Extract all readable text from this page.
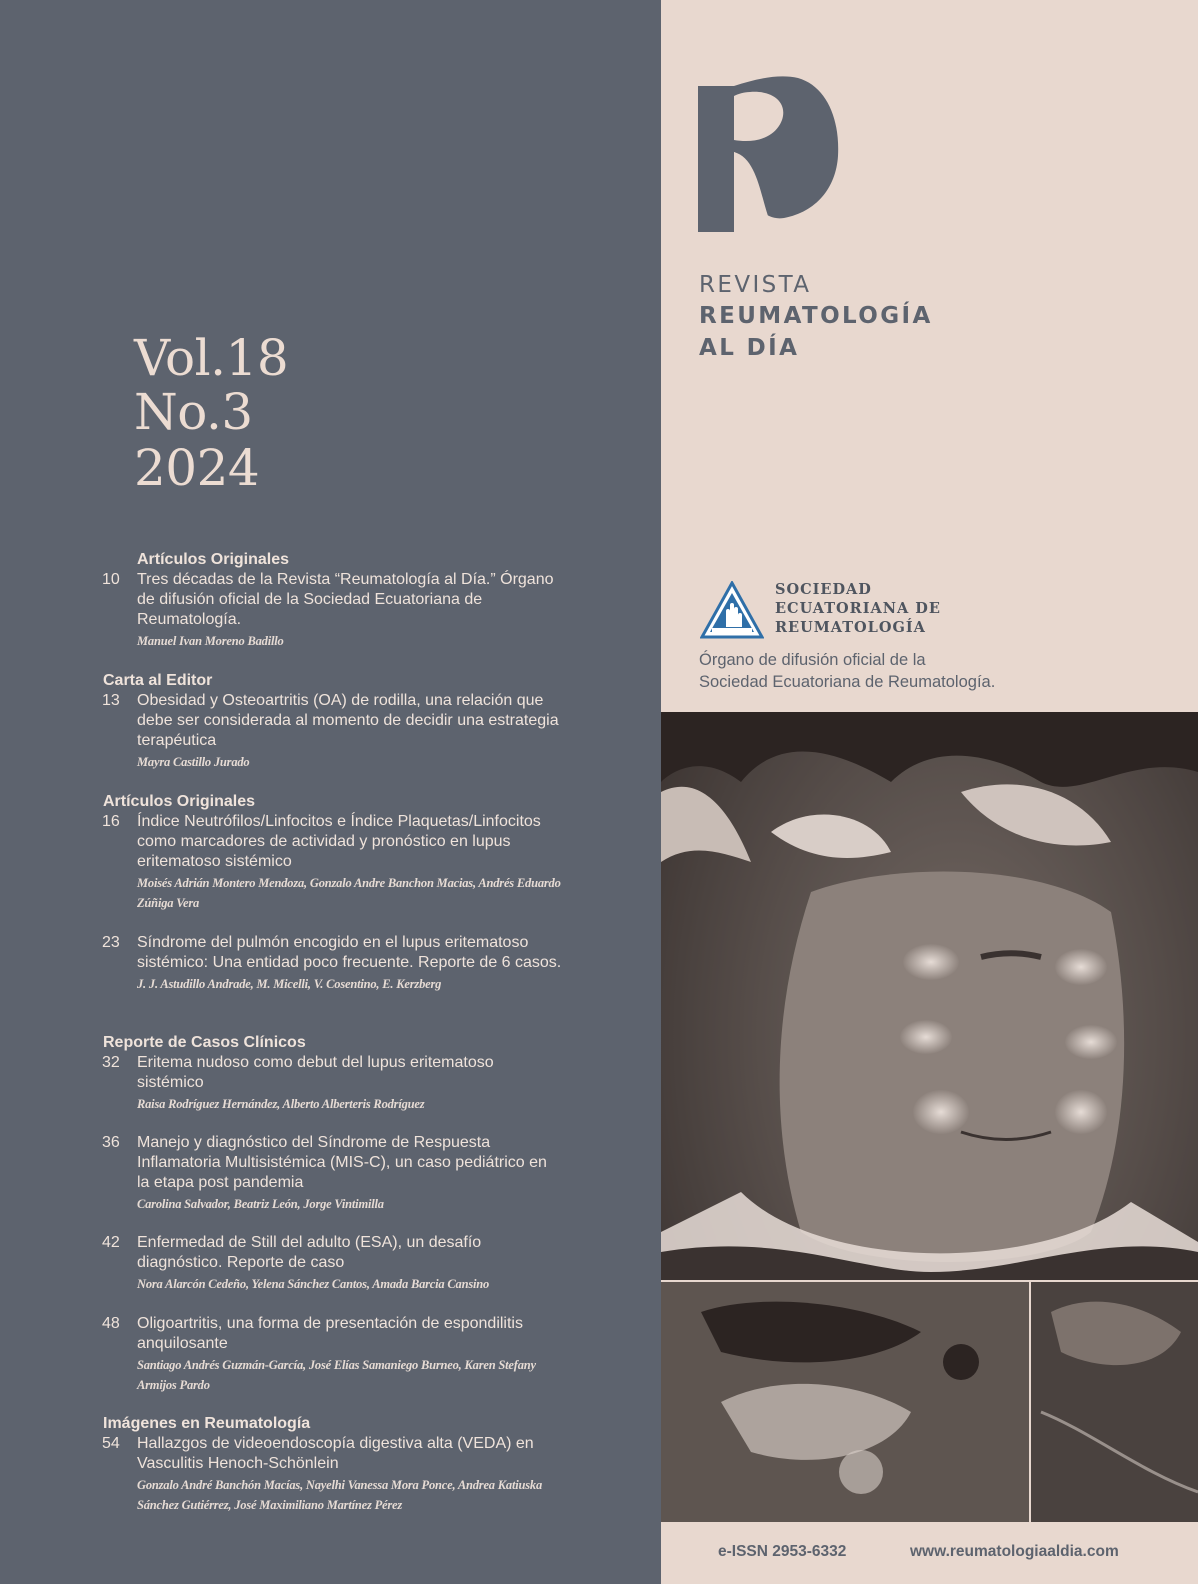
Vol.18
No.3
2024
Artículos Originales
10 Tres décadas de la Revista “Reumatología al Día.” Órgano de difusión oficial de la Sociedad Ecuatoriana de Reumatología.
Manuel Ivan Moreno Badillo
Carta al Editor
13 Obesidad y Osteoartritis (OA) de rodilla, una relación que debe ser considerada al momento de decidir una estrategia terapéutica
Mayra Castillo Jurado
Artículos Originales
16 Índice Neutrófilos/Linfocitos e Índice Plaquetas/Linfocitos como marcadores de actividad y pronóstico en lupus eritematoso sistémico
Moisés Adrián Montero Mendoza, Gonzalo Andre Banchon Macias, Andrés Eduardo Zúñiga Vera
23 Síndrome del pulmón encogido en el lupus eritematoso sistémico: Una entidad poco frecuente. Reporte de 6 casos.
J. J. Astudillo Andrade, M. Micelli, V. Cosentino, E. Kerzberg
Reporte de Casos Clínicos
32 Eritema nudoso como debut del lupus eritematoso sistémico
Raisa Rodríguez Hernández, Alberto Alberteris Rodríguez
36 Manejo y diagnóstico del Síndrome de Respuesta Inflamatoria Multisistémica (MIS-C), un caso pediátrico en la etapa post pandemia
Carolina Salvador, Beatriz León, Jorge Vintimilla
42 Enfermedad de Still del adulto (ESA), un desafío diagnóstico. Reporte de caso
Nora Alarcón Cedeño, Yelena Sánchez Cantos, Amada Barcia Cansino
48 Oligoartritis, una forma de presentación de espondilitis anquilosante
Santiago Andrés Guzmán-García, José Elías Samaniego Burneo, Karen Stefany Armijos Pardo
Imágenes en Reumatología
54 Hallazgos de videoendoscopía digestiva alta (VEDA) en Vasculitis Henoch-Schönlein
Gonzalo André Banchón Macías, Nayelhi Vanessa Mora Ponce, Andrea Katiuska Sánchez Gutiérrez, José Maximiliano Martínez Pérez
REVISTA
REUMATOLOGÍA
AL DÍA
SOCIEDAD
ECUATORIANA DE
REUMATOLOGÍA
Órgano de difusión oficial de la
Sociedad Ecuatoriana de Reumatología.
e-ISSN 2953-6332	www.reumatologiaaldia.com
